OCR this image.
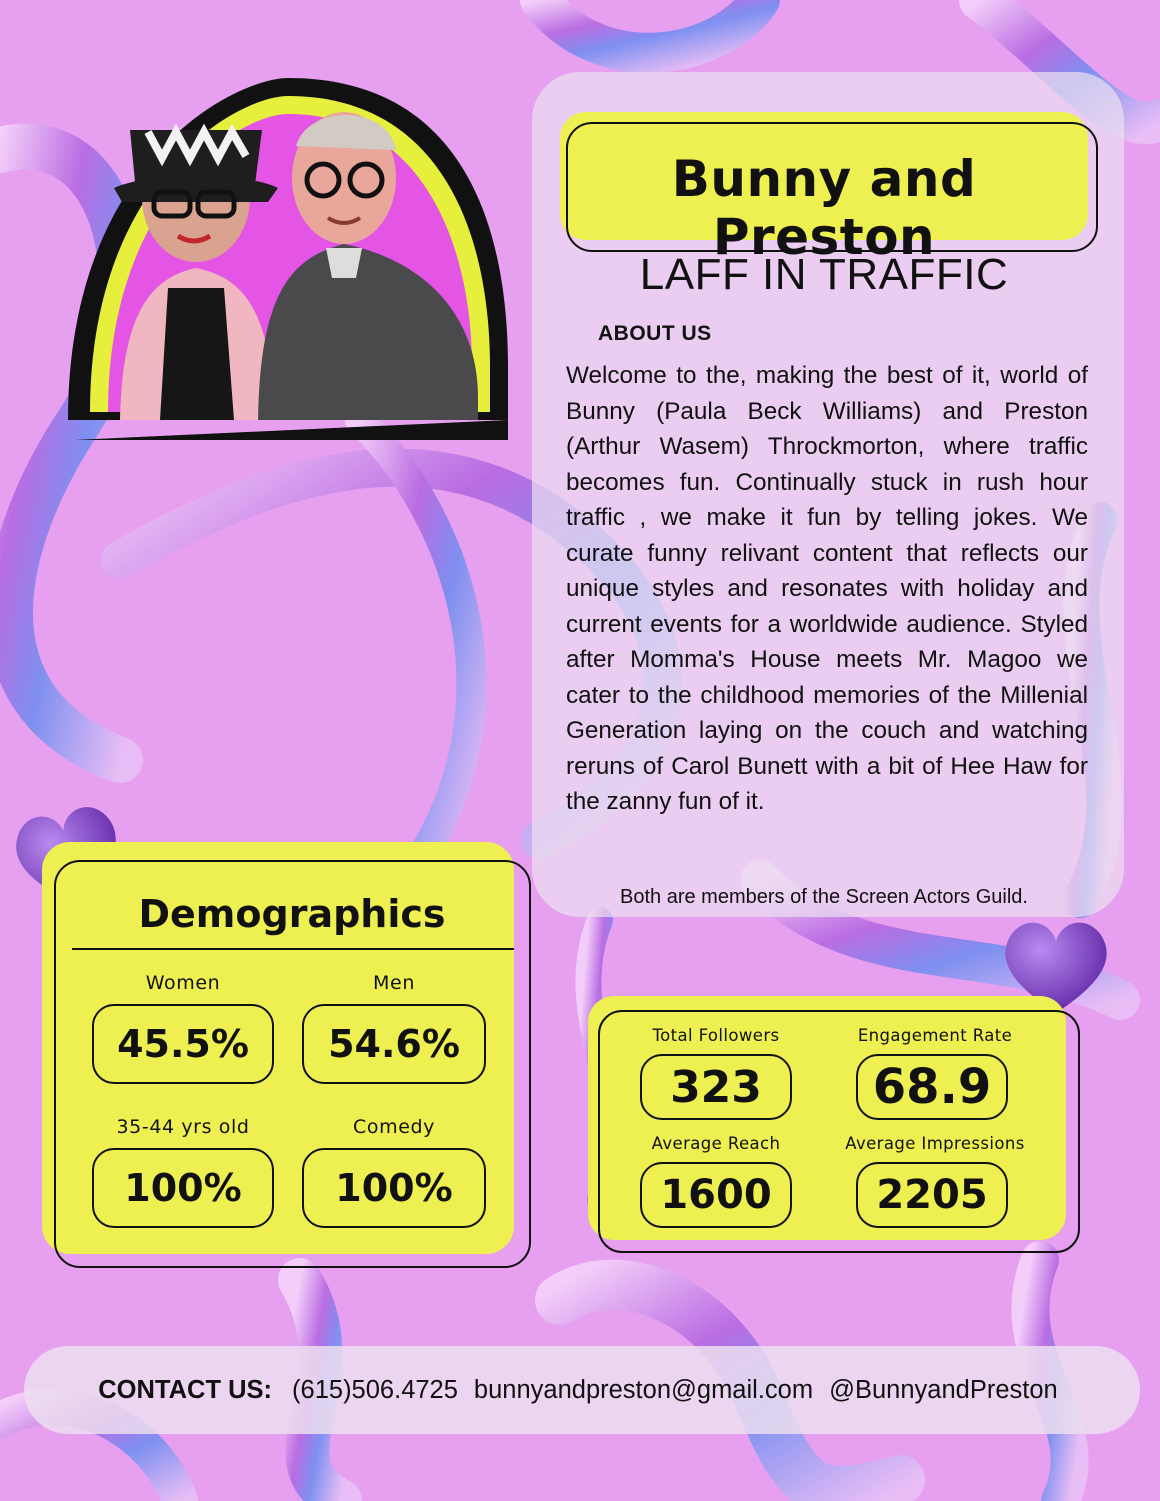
Bunny and Preston
LAFF IN TRAFFIC
ABOUT US
Welcome to the, making the best of it, world of Bunny (Paula Beck Williams) and Preston (Arthur Wasem) Throckmorton, where traffic becomes fun. Continually stuck in rush hour traffic , we make it fun by telling jokes. We curate funny relivant content that reflects our unique styles and resonates with holiday and current events for a worldwide audience. Styled after Momma's House meets Mr. Magoo we cater to the childhood memories of the Millenial Generation laying on the couch and watching reruns of Carol Bunett with a bit of Hee Haw for the zanny fun of it.
Both are members of the Screen Actors Guild.
Demographics
Women
45.5%
Men
54.6%
35-44 yrs old
100%
Comedy
100%
Total Followers
323
Engagement Rate
68.9
Average Reach
1600
Average Impressions
2205
CONTACT US: (615)506.4725 bunnyandpreston@gmail.com @BunnyandPreston
